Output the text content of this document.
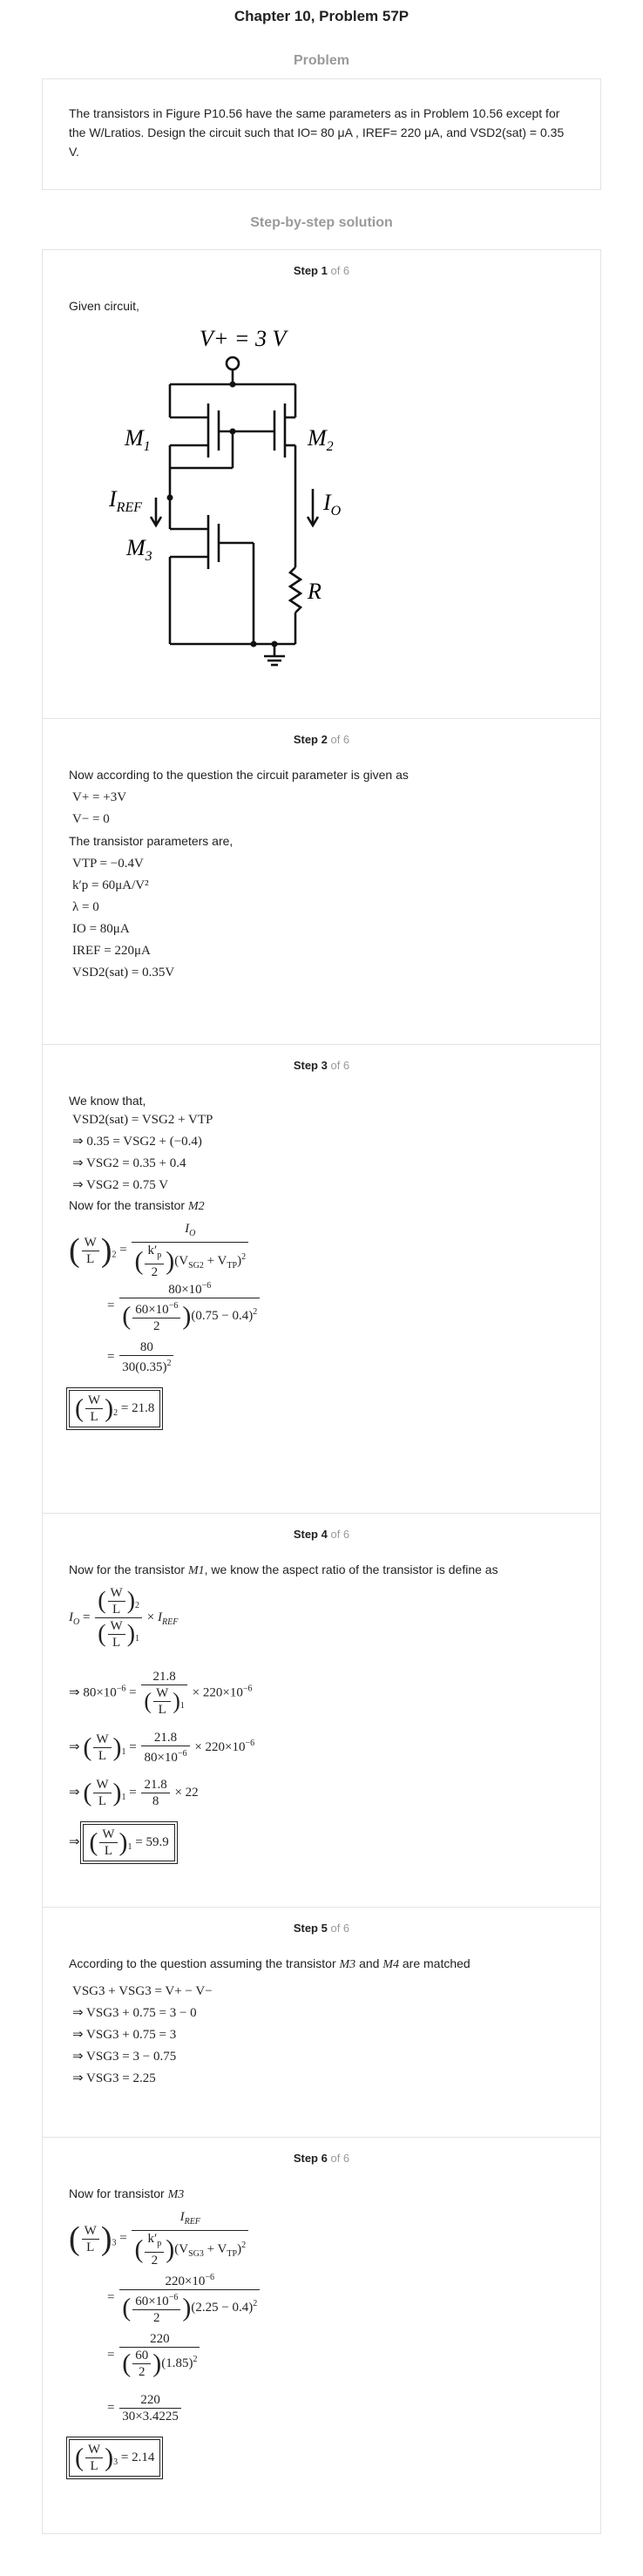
Chapter 10, Problem 57P
Problem
The transistors in Figure P10.56 have the same parameters as in Problem 10.56 except for the W/Lratios. Design the circuit such that IO= 80 μA , IREF= 220 μA, and VSD2(sat) = 0.35 V.
Step-by-step solution
Step 1 of 6
Given circuit,
V+ = 3 V
$M_1$	$M_2$
$M_3$
$I_{REF}$	$I_O$
R
Step 2 of 6
Now according to the question the circuit parameter is given as
V+ = +3V
V− = 0
The transistor parameters are,
VTP = −0.4V
k′p = 60μA/V²
λ = 0
IO = 80μA
IREF = 220μA
VSD2(sat) = 0.35V
Step 3 of 6
We know that,
VSD2(sat) = VSG2 + VTP
⇒ 0.35 = VSG2 + (−0.4)
⇒ VSG2 = 0.35 + 0.4
⇒ VSG2 = 0.75 V
Now for the transistor M2
( $\frac{W}{L} )_2 = \frac{I_O}{( \frac{k'_p}{2} )(V_{SG2} + V_{TP})^2}$
= $\frac{80\times 10^{-6}}{( \frac{60\times 10^{-6}}{2} )(0.75 - 0.4)^2}$
= $\frac{80}{30(0.35)^2}$
( $\frac{W}{L} )_2 = 21.8$
Step 4 of 6
Now for the transistor M1, we know the aspect ratio of the transistor is define as
$I_O = \frac{( \frac{W}{L} )_2}{( \frac{W}{L} )_1} \times I_{REF}$
⇒ $80\times 10^{-6} = \frac{21.8}{( \frac{W}{L} )_1} \times 220\times 10^{-6}$
⇒ ( $\frac{W}{L} )_1 = \frac{21.8}{80\times 10^{-6}} \times 220\times 10^{-6}$
⇒ ( $\frac{W}{L} )_1 = \frac{21.8}{8} \times 22$
⇒ ( $\frac{W}{L} )_1 = 59.9$
Step 5 of 6
According to the question assuming the transistor M3 and M4 are matched
VSG3 + VSG3 = V+ − V−
⇒ VSG3 + 0.75 = 3 − 0
⇒ VSG3 + 0.75 = 3
⇒ VSG3 = 3 − 0.75
⇒ VSG3 = 2.25
Step 6 of 6
Now for transistor M3
( $\frac{W}{L} )_3 = \frac{I_{REF}}{( \frac{k'_p}{2} )(V_{SG3} + V_{TP})^2}$
= $\frac{220\times 10^{-6}}{( \frac{60\times 10^{-6}}{2} )(2.25 - 0.4)^2}$
= $\frac{220}{( \frac{60}{2} )(1.85)^2}$
= $\frac{220}{30\times 3.4225}$
( $\frac{W}{L} )_3 = 2.14$
